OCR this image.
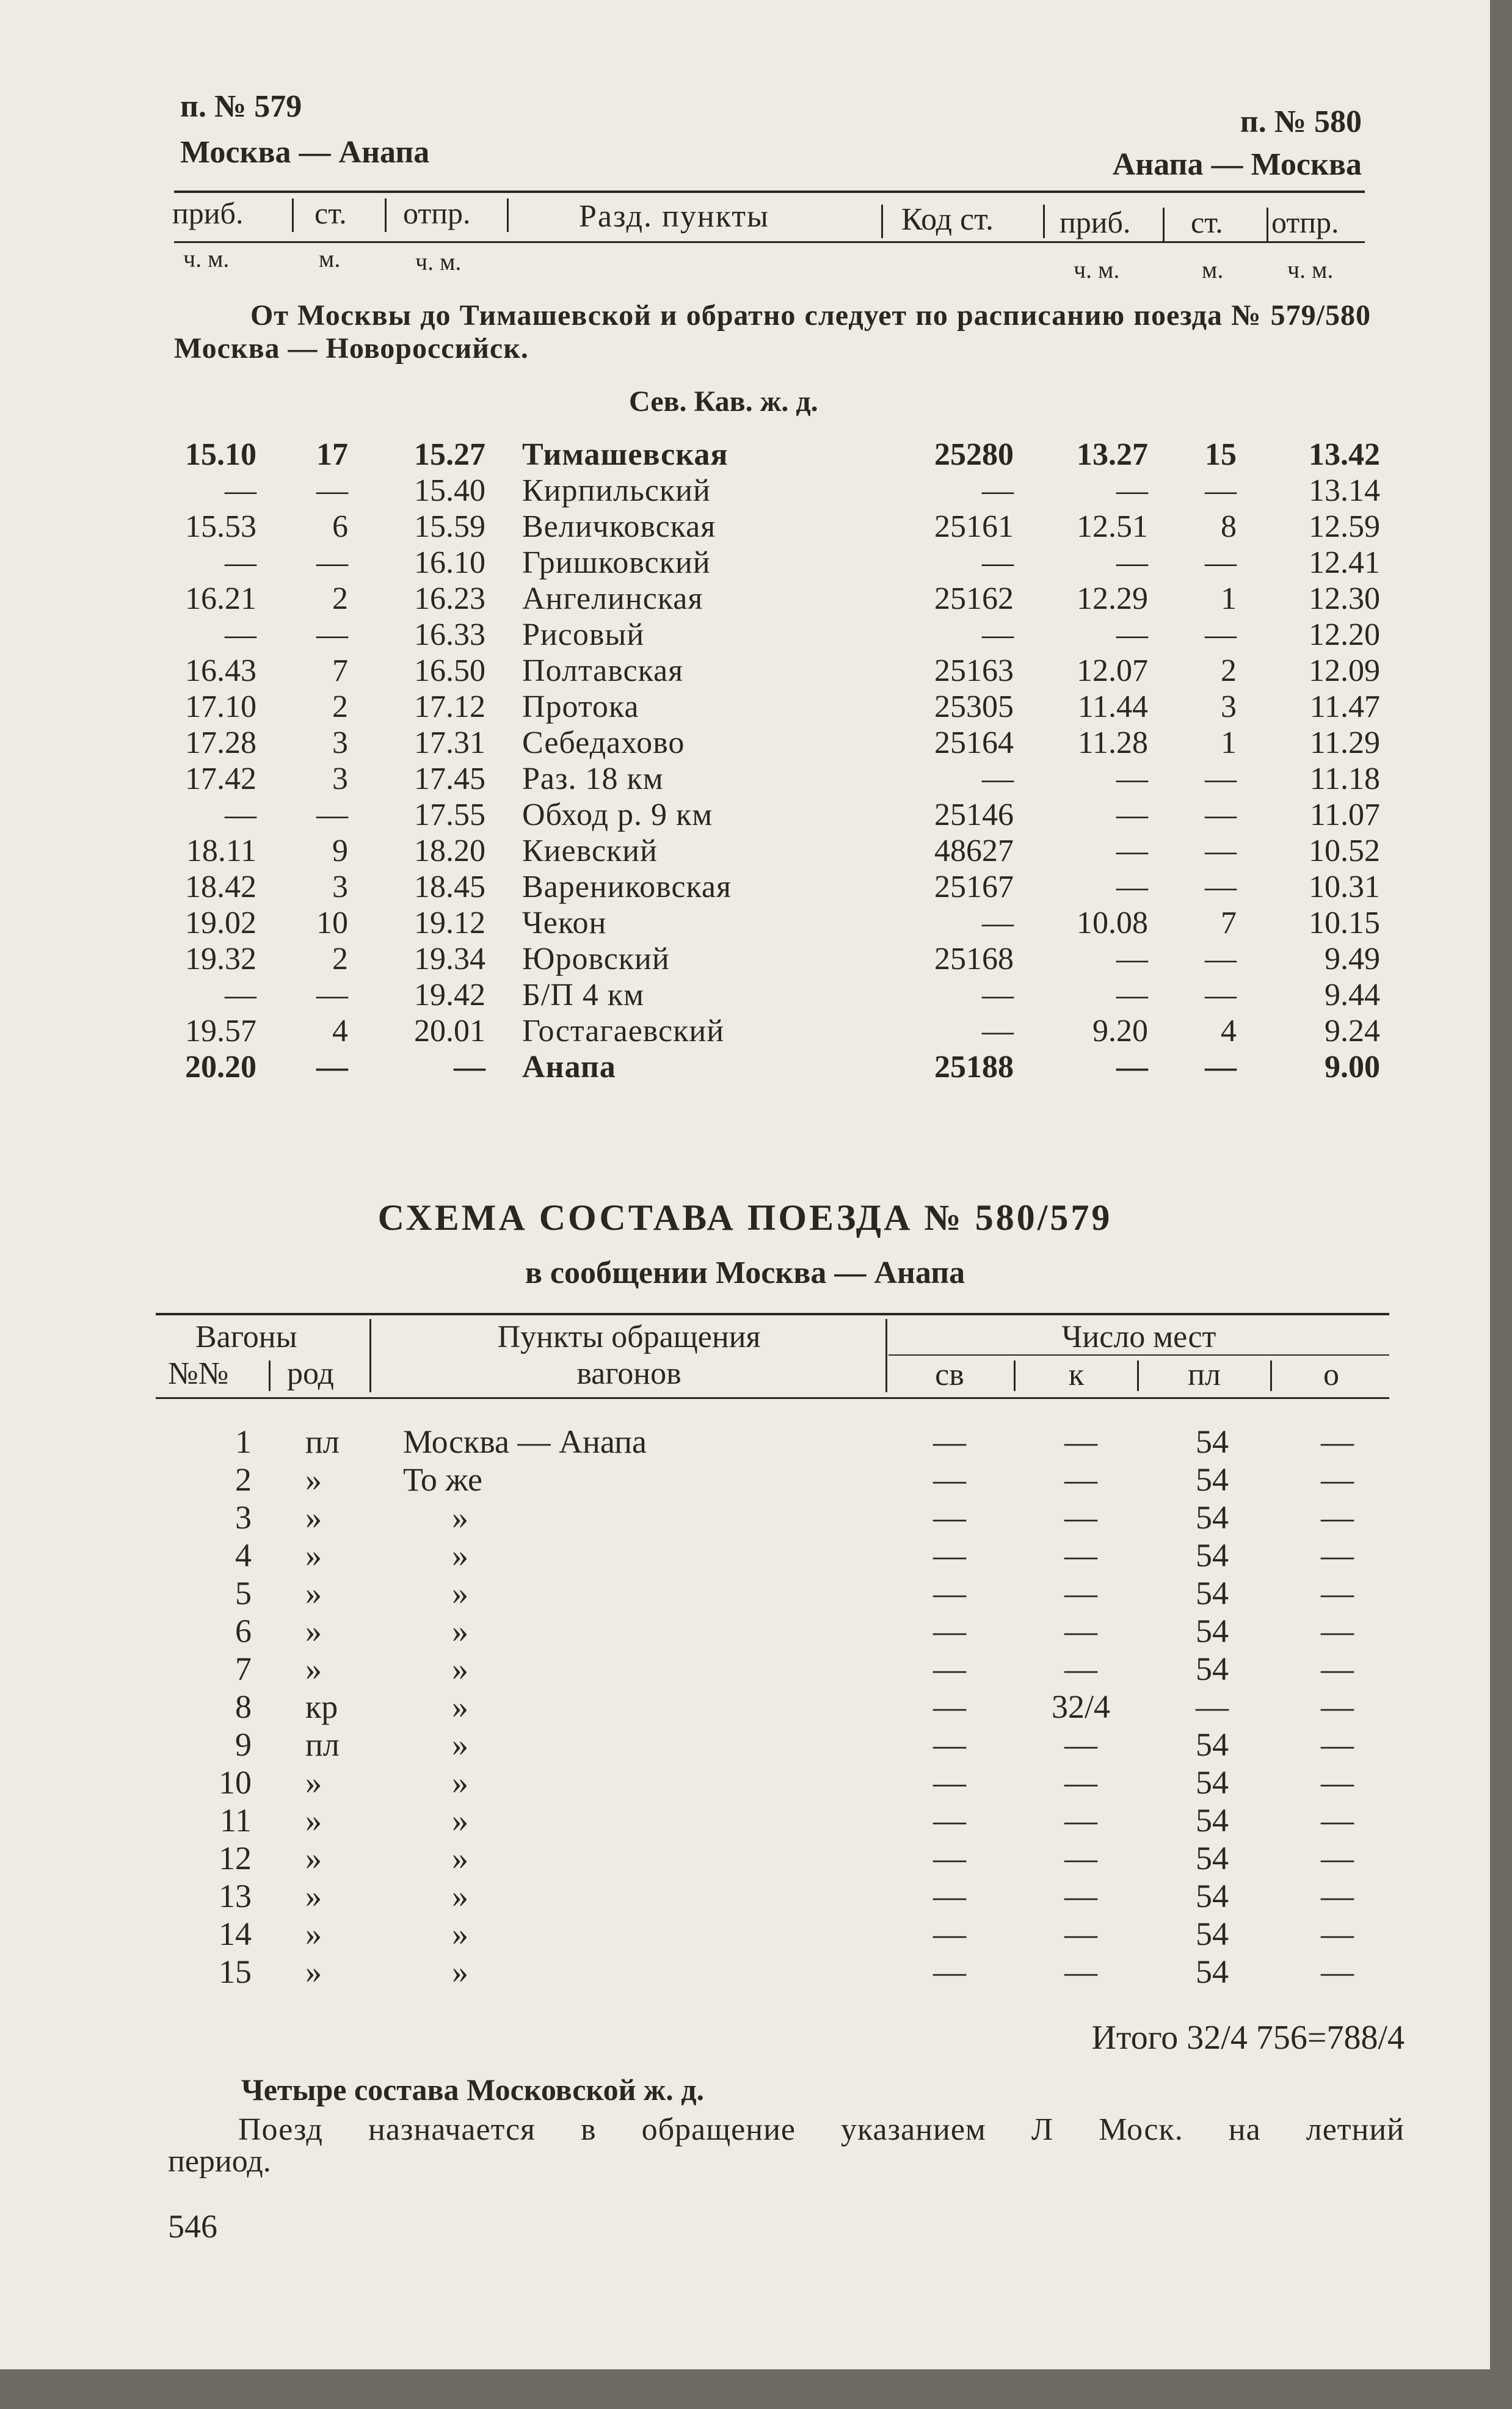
п. № 579
Москва — Анапа
п. № 580
Анапа — Москва
приб. ст. отпр.	Разд. пункты	Код ст. приб. ст. отпр.
ч. м.	м.	ч. м.	ч. м.	м.	ч. м.
От Москвы до Тимашевской и обратно следует по расписанию поезда № 579/580 Москва — Новороссийск.
Сев. Кав. ж. д.
15.10 17 15.27 Тимашевская	25280 13.27 15 13.42
— — 15.40 Кирпильский	—	— — 13.14
15.53 6 15.59 Величковская	25161 12.51 8 12.59
— — 16.10 Гришковский	—	— — 12.41
16.21 2 16.23 Ангелинская	25162 12.29 1 12.30
— — 16.33 Рисовый	—	— — 12.20
16.43 7 16.50 Полтавская	25163 12.07 2 12.09
17.10 2 17.12 Протока	25305 11.44 3 11.47
17.28 3 17.31 Себедахово	25164 11.28 1 11.29
17.42 3 17.45 Раз. 18 км	—	— — 11.18
— — 17.55 Обход р. 9 км	25146	— — 11.07
18.11 9 18.20 Киевский	48627	— — 10.52
18.42 3 18.45 Варениковская	25167	— — 10.31
19.02 10 19.12 Чекон	— 10.08 7 10.15
19.32 2 19.34 Юровский	25168	— —	9.49
— — 19.42 Б/П 4 км	—	— —	9.44
19.57 4 20.01 Гостагаевский	— 9.20 4	9.24
20.20 —	— Анапа	25188	— —	9.00
СХЕМА СОСТАВА ПОЕЗДА № 580/579
в сообщении Москва — Анапа
Вагоны
№№ род
Пункты обращения
вагонов
Число мест
св	к	пл	о
1 пл Москва — Анапа	—	—	54	—
2 » То же	—	—	54	—
3 »	»	—	—	54	—
4 »	»	—	—	54	—
5 »	»	—	—	54	—
6 »	»	—	—	54	—
7 »	»	—	—	54	—
8 кр	»	—	32/4	—	—
9 пл	»	—	—	54	—
10 »	»	—	—	54	—
11 »	»	—	—	54	—
12 »	»	—	—	54	—
13 »	»	—	—	54	—
14 »	»	—	—	54	—
15 »	»	—	—	54	—
Итого 32/4 756=788/4
Четыре состава Московской ж. д.
Поезд назначается в обращение указанием Л Моск. на летний
период.
546
